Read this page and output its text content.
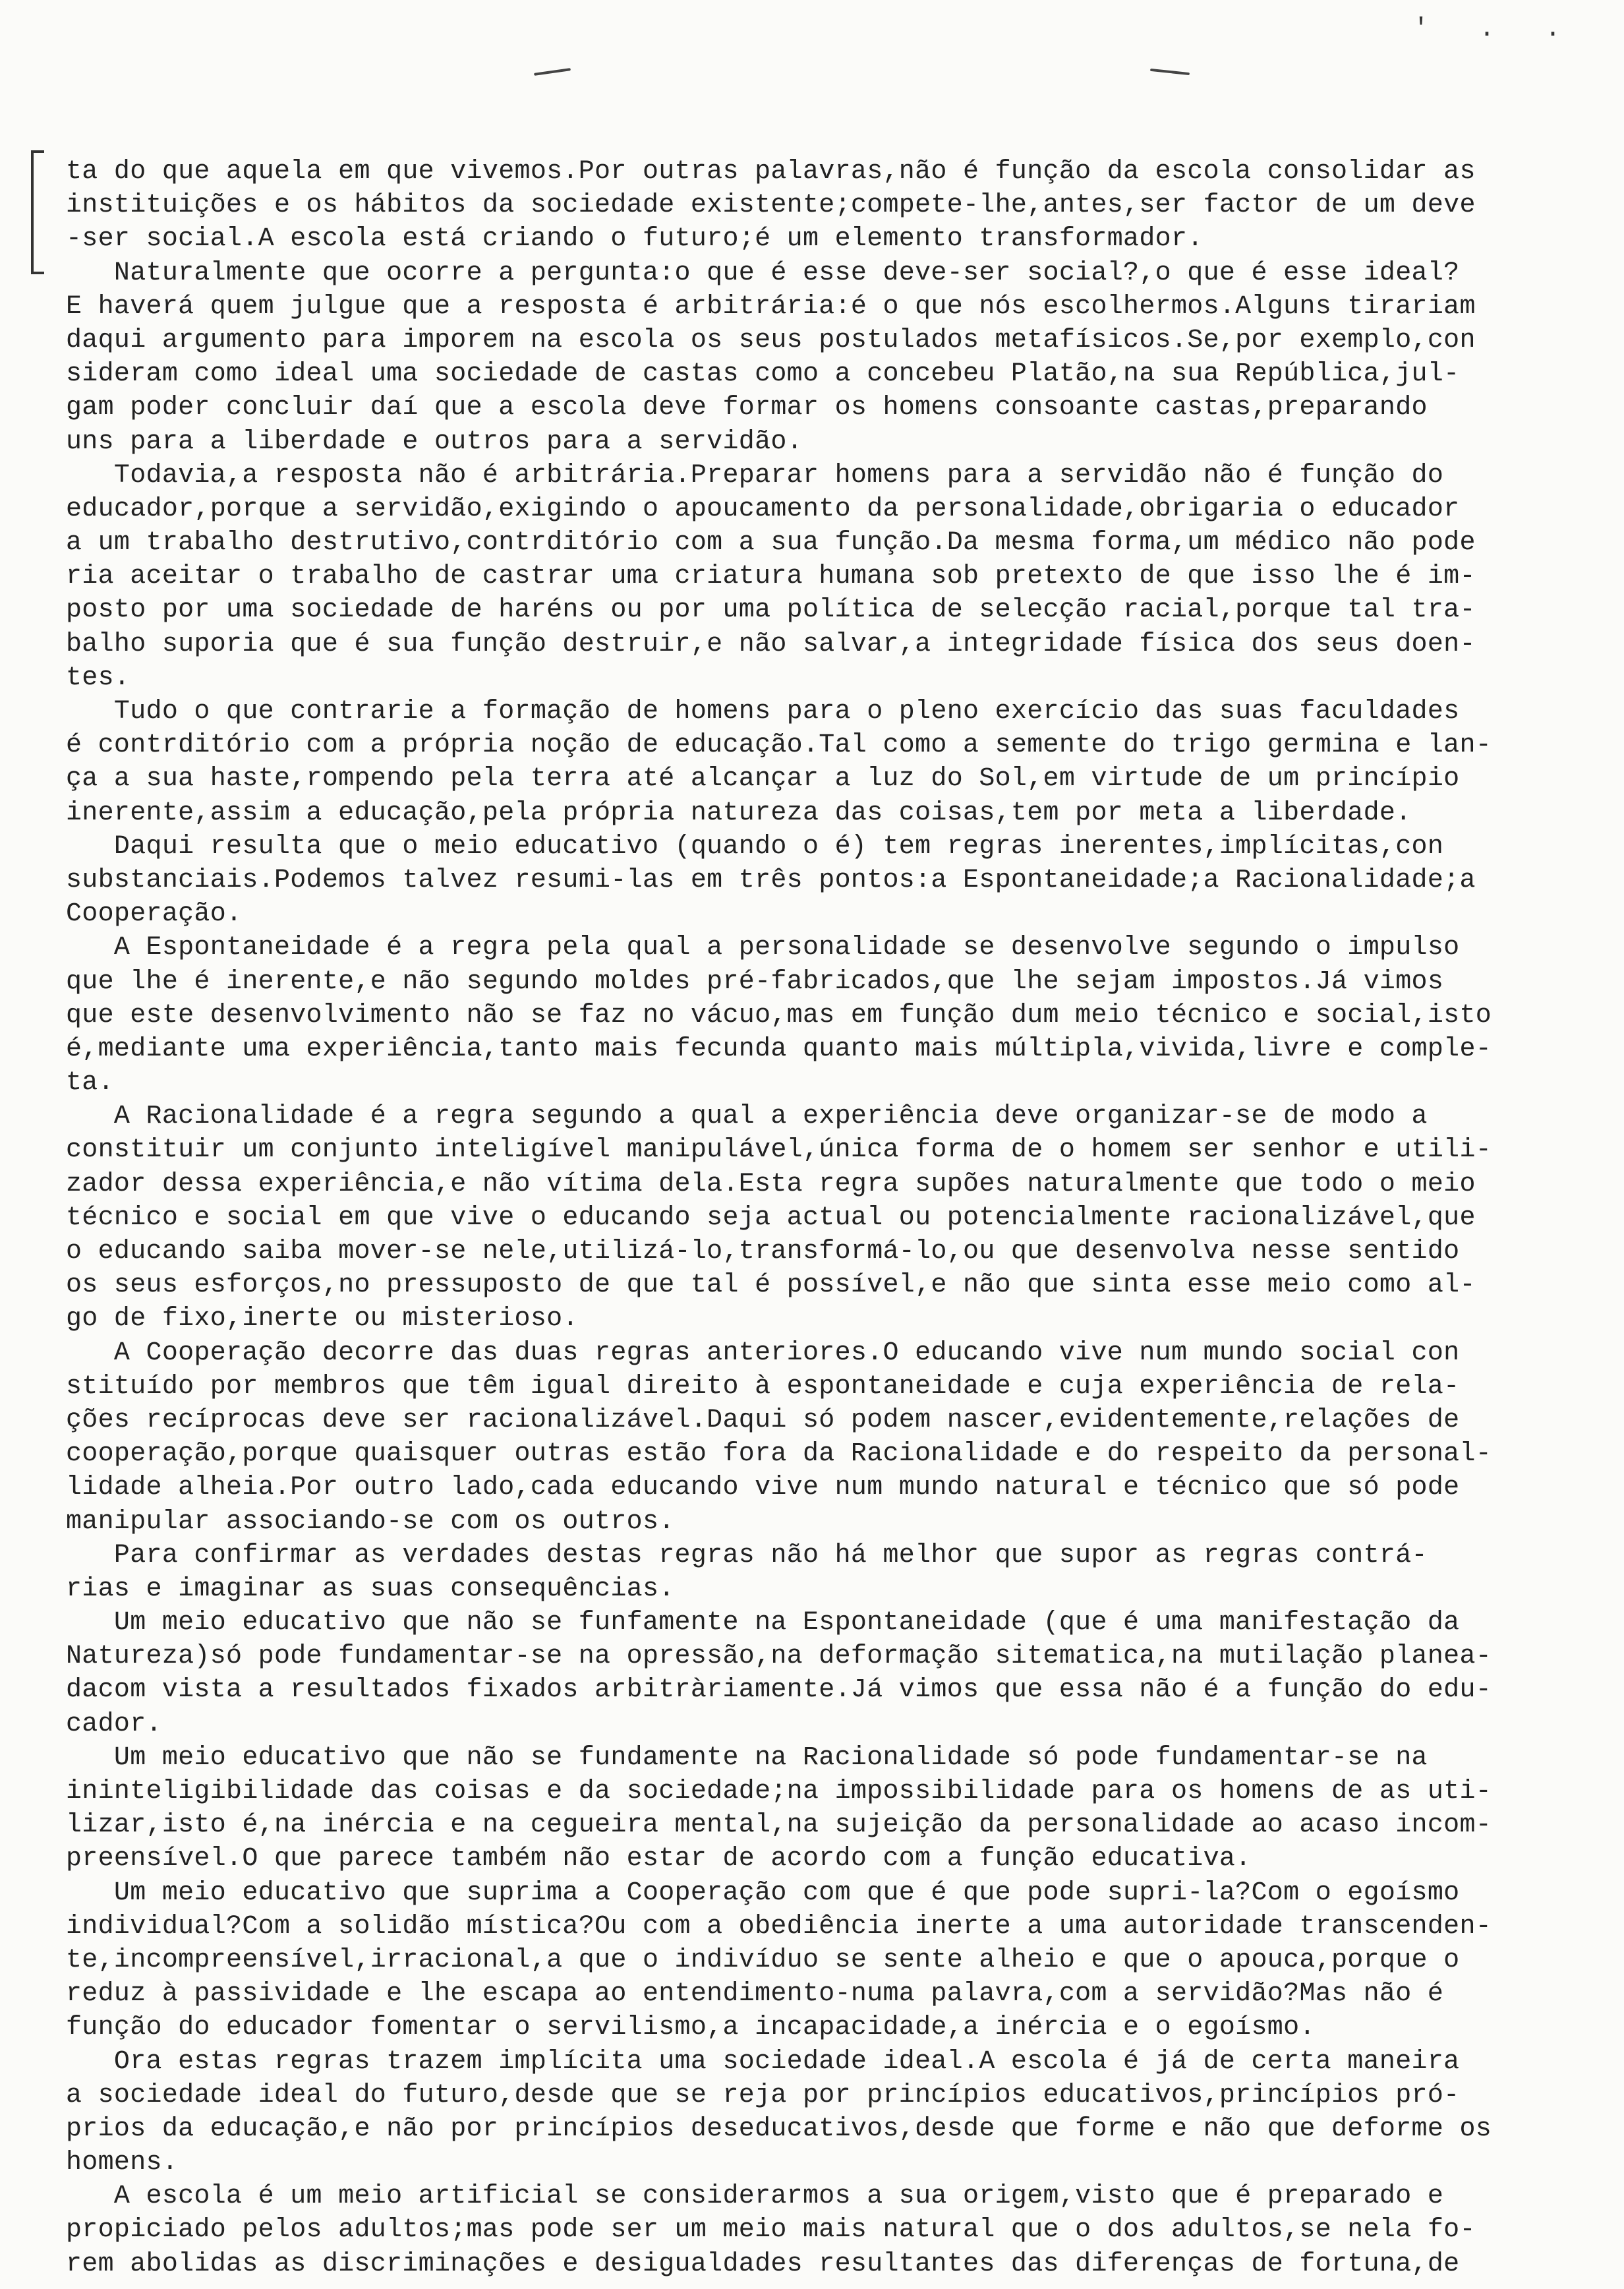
' . .
ta do que aquela em que vivemos.Por outras palavras,não é função da escola consolidar as
instituições e os hábitos da sociedade existente;compete-lhe,antes,ser factor de um deve
-ser social.A escola está criando o futuro;é um elemento transformador.
Naturalmente que ocorre a pergunta:o que é esse deve-ser social?,o que é esse ideal?
E haverá quem julgue que a resposta é arbitrária:é o que nós escolhermos.Alguns tirariam
daqui argumento para imporem na escola os seus postulados metafísicos.Se,por exemplo,con
sideram como ideal uma sociedade de castas como a concebeu Platão,na sua República,jul-
gam poder concluir daí que a escola deve formar os homens consoante castas,preparando
uns para a liberdade e outros para a servidão.
Todavia,a resposta não é arbitrária.Preparar homens para a servidão não é função do
educador,porque a servidão,exigindo o apoucamento da personalidade,obrigaria o educador
a um trabalho destrutivo,contrditório com a sua função.Da mesma forma,um médico não pode
ria aceitar o trabalho de castrar uma criatura humana sob pretexto de que isso lhe é im-
posto por uma sociedade de haréns ou por uma política de selecção racial,porque tal tra-
balho suporia que é sua função destruir,e não salvar,a integridade física dos seus doen-
tes.
Tudo o que contrarie a formação de homens para o pleno exercício das suas faculdades
é contrditório com a própria noção de educação.Tal como a semente do trigo germina e lan-
ça a sua haste,rompendo pela terra até alcançar a luz do Sol,em virtude de um princípio
inerente,assim a educação,pela própria natureza das coisas,tem por meta a liberdade.
Daqui resulta que o meio educativo (quando o é) tem regras inerentes,implícitas,con
substanciais.Podemos talvez resumi-las em três pontos:a Espontaneidade;a Racionalidade;a
Cooperação.
A Espontaneidade é a regra pela qual a personalidade se desenvolve segundo o impulso
que lhe é inerente,e não segundo moldes pré-fabricados,que lhe sejam impostos.Já vimos
que este desenvolvimento não se faz no vácuo,mas em função dum meio técnico e social,isto
é,mediante uma experiência,tanto mais fecunda quanto mais múltipla,vivida,livre e comple-
ta.
A Racionalidade é a regra segundo a qual a experiência deve organizar-se de modo a
constituir um conjunto inteligível manipulável,única forma de o homem ser senhor e utili-
zador dessa experiência,e não vítima dela.Esta regra supões naturalmente que todo o meio
técnico e social em que vive o educando seja actual ou potencialmente racionalizável,que
o educando saiba mover-se nele,utilizá-lo,transformá-lo,ou que desenvolva nesse sentido
os seus esforços,no pressuposto de que tal é possível,e não que sinta esse meio como al-
go de fixo,inerte ou misterioso.
A Cooperação decorre das duas regras anteriores.O educando vive num mundo social con
stituído por membros que têm igual direito à espontaneidade e cuja experiência de rela-
ções recíprocas deve ser racionalizável.Daqui só podem nascer,evidentemente,relações de
cooperação,porque quaisquer outras estão fora da Racionalidade e do respeito da personal-
lidade alheia.Por outro lado,cada educando vive num mundo natural e técnico que só pode
manipular associando-se com os outros.
Para confirmar as verdades destas regras não há melhor que supor as regras contrá-
rias e imaginar as suas consequências.
Um meio educativo que não se funfamente na Espontaneidade (que é uma manifestação da
Natureza)só pode fundamentar-se na opressão,na deformação sitematica,na mutilação planea-
dacom vista a resultados fixados arbitràriamente.Já vimos que essa não é a função do edu-
cador.
Um meio educativo que não se fundamente na Racionalidade só pode fundamentar-se na
ininteligibilidade das coisas e da sociedade;na impossibilidade para os homens de as uti-
lizar,isto é,na inércia e na cegueira mental,na sujeição da personalidade ao acaso incom-
preensível.O que parece também não estar de acordo com a função educativa.
Um meio educativo que suprima a Cooperação com que é que pode supri-la?Com o egoísmo
individual?Com a solidão mística?Ou com a obediência inerte a uma autoridade transcenden-
te,incompreensível,irracional,a que o indivíduo se sente alheio e que o apouca,porque o
reduz à passividade e lhe escapa ao entendimento-numa palavra,com a servidão?Mas não é
função do educador fomentar o servilismo,a incapacidade,a inércia e o egoísmo.
Ora estas regras trazem implícita uma sociedade ideal.A escola é já de certa maneira
a sociedade ideal do futuro,desde que se reja por princípios educativos,princípios pró-
prios da educação,e não por princípios deseducativos,desde que forme e não que deforme os
homens.
A escola é um meio artificial se considerarmos a sua origem,visto que é preparado e
propiciado pelos adultos;mas pode ser um meio mais natural que o dos adultos,se nela fo-
rem abolidas as discriminações e desigualdades resultantes das diferenças de fortuna,de
